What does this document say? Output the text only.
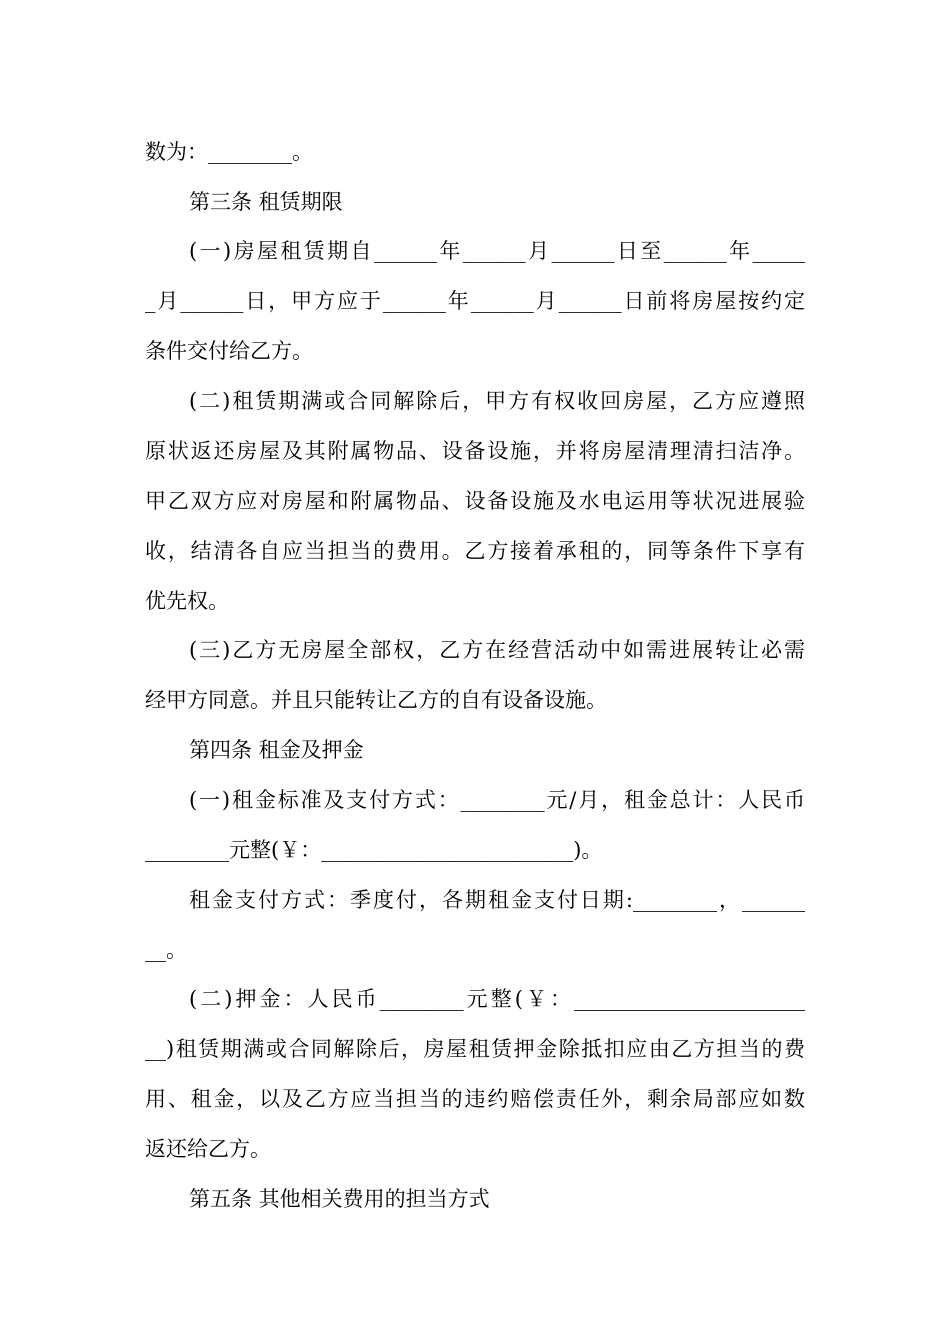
数为：________。
第三条 租赁期限
(一)房屋租赁期自______年______月______日至______年_____
_月______日，甲方应于______年______月______日前将房屋按约定
条件交付给乙方。
(二)租赁期满或合同解除后，甲方有权收回房屋，乙方应遵照
原状返还房屋及其附属物品、设备设施，并将房屋清理清扫洁净。
甲乙双方应对房屋和附属物品、设备设施及水电运用等状况进展验
收，结清各自应当担当的费用。乙方接着承租的，同等条件下享有
优先权。
(三)乙方无房屋全部权，乙方在经营活动中如需进展转让必需
经甲方同意。并且只能转让乙方的自有设备设施。
第四条 租金及押金
(一)租金标准及支付方式：________元/月，租金总计：人民币
________元整(￥：________________________)。
租金支付方式：季度付，各期租金支付日期:________，______
__。
(二)押金：人民币________元整(￥：______________________
__)租赁期满或合同解除后，房屋租赁押金除抵扣应由乙方担当的费
用、租金，以及乙方应当担当的违约赔偿责任外，剩余局部应如数
返还给乙方。
第五条 其他相关费用的担当方式
